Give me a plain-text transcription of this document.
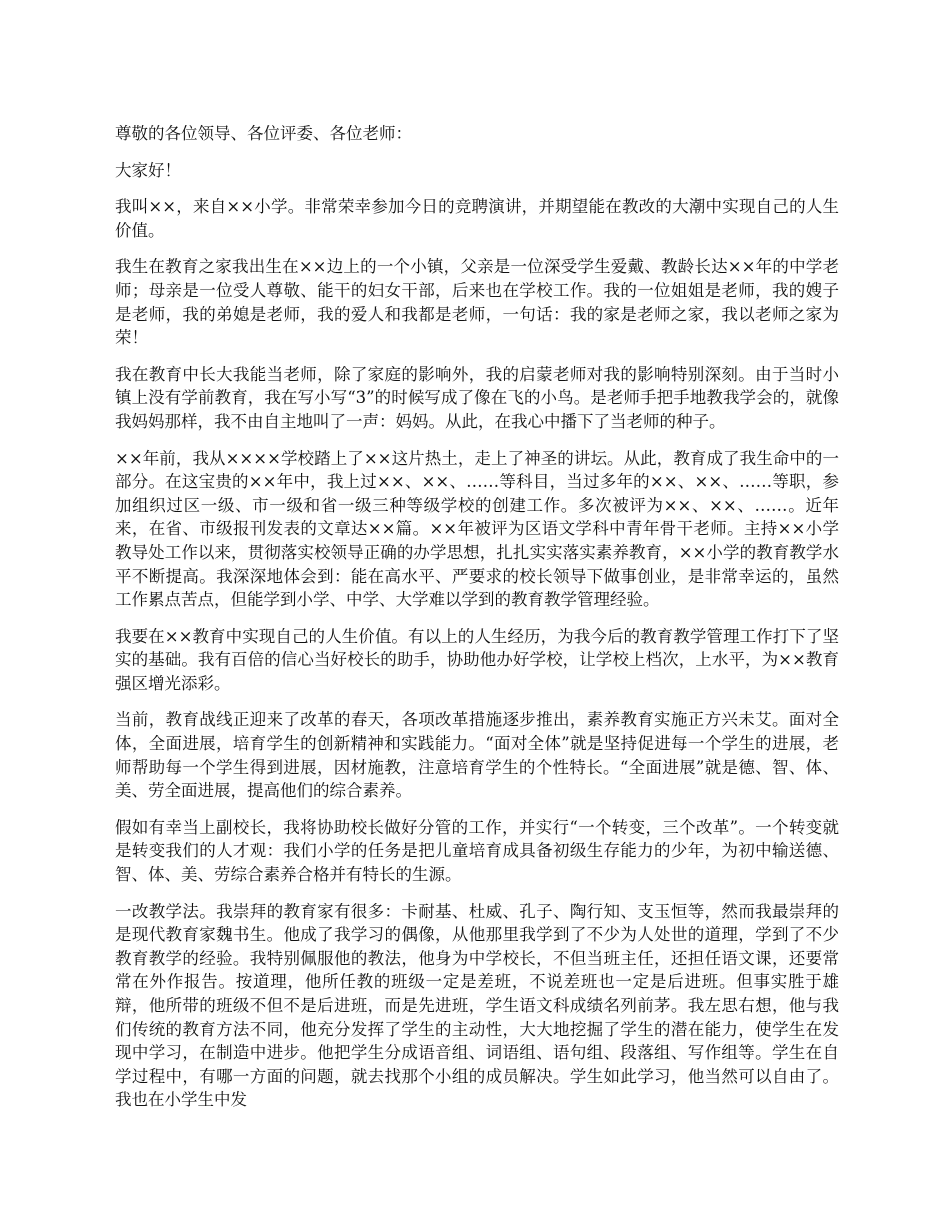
尊敬的各位领导、各位评委、各位老师：

大家好！

我叫××，来自××小学。非常荣幸参加今日的竞聘演讲，并期望能在教改的大潮中实现自己的人生价值。

我生在教育之家我出生在××边上的一个小镇，父亲是一位深受学生爱戴、教龄长达××年的中学老师；母亲是一位受人尊敬、能干的妇女干部，后来也在学校工作。我的一位姐姐是老师，我的嫂子是老师，我的弟媳是老师，我的爱人和我都是老师，一句话：我的家是老师之家，我以老师之家为荣！

我在教育中长大我能当老师，除了家庭的影响外，我的启蒙老师对我的影响特别深刻。由于当时小镇上没有学前教育，我在写小写“3”的时候写成了像在飞的小鸟。是老师手把手地教我学会的，就像我妈妈那样，我不由自主地叫了一声：妈妈。从此，在我心中播下了当老师的种子。

××年前，我从××××学校踏上了××这片热土，走上了神圣的讲坛。从此，教育成了我生命中的一部分。在这宝贵的××年中，我上过××、××、……等科目，当过多年的××、××、……等职，参加组织过区一级、市一级和省一级三种等级学校的创建工作。多次被评为××、××、……。近年来，在省、市级报刊发表的文章达××篇。××年被评为区语文学科中青年骨干老师。主持××小学教导处工作以来，贯彻落实校领导正确的办学思想，扎扎实实落实素养教育，××小学的教育教学水平不断提高。我深深地体会到：能在高水平、严要求的校长领导下做事创业，是非常幸运的，虽然工作累点苦点，但能学到小学、中学、大学难以学到的教育教学管理经验。

我要在××教育中实现自己的人生价值。有以上的人生经历，为我今后的教育教学管理工作打下了坚实的基础。我有百倍的信心当好校长的助手，协助他办好学校，让学校上档次，上水平，为××教育强区增光添彩。

当前，教育战线正迎来了改革的春天，各项改革措施逐步推出，素养教育实施正方兴未艾。面对全体，全面进展，培育学生的创新精神和实践能力。“面对全体”就是坚持促进每一个学生的进展，老师帮助每一个学生得到进展，因材施教，注意培育学生的个性特长。“全面进展”就是德、智、体、美、劳全面进展，提高他们的综合素养。

假如有幸当上副校长，我将协助校长做好分管的工作，并实行“一个转变，三个改革”。一个转变就是转变我们的人才观：我们小学的任务是把儿童培育成具备初级生存能力的少年，为初中输送德、智、体、美、劳综合素养合格并有特长的生源。

一改教学法。我崇拜的教育家有很多：卡耐基、杜威、孔子、陶行知、支玉恒等，然而我最崇拜的是现代教育家魏书生。他成了我学习的偶像，从他那里我学到了不少为人处世的道理，学到了不少教育教学的经验。我特别佩服他的教法，他身为中学校长，不但当班主任，还担任语文课，还要常常在外作报告。按道理，他所任教的班级一定是差班，不说差班也一定是后进班。但事实胜于雄辩，他所带的班级不但不是后进班，而是先进班，学生语文科成绩名列前茅。我左思右想，他与我们传统的教育方法不同，他充分发挥了学生的主动性，大大地挖掘了学生的潜在能力，使学生在发现中学习，在制造中进步。他把学生分成语音组、词语组、语句组、段落组、写作组等。学生在自学过程中，有哪一方面的问题，就去找那个小组的成员解决。学生如此学习，他当然可以自由了。我也在小学生中发
